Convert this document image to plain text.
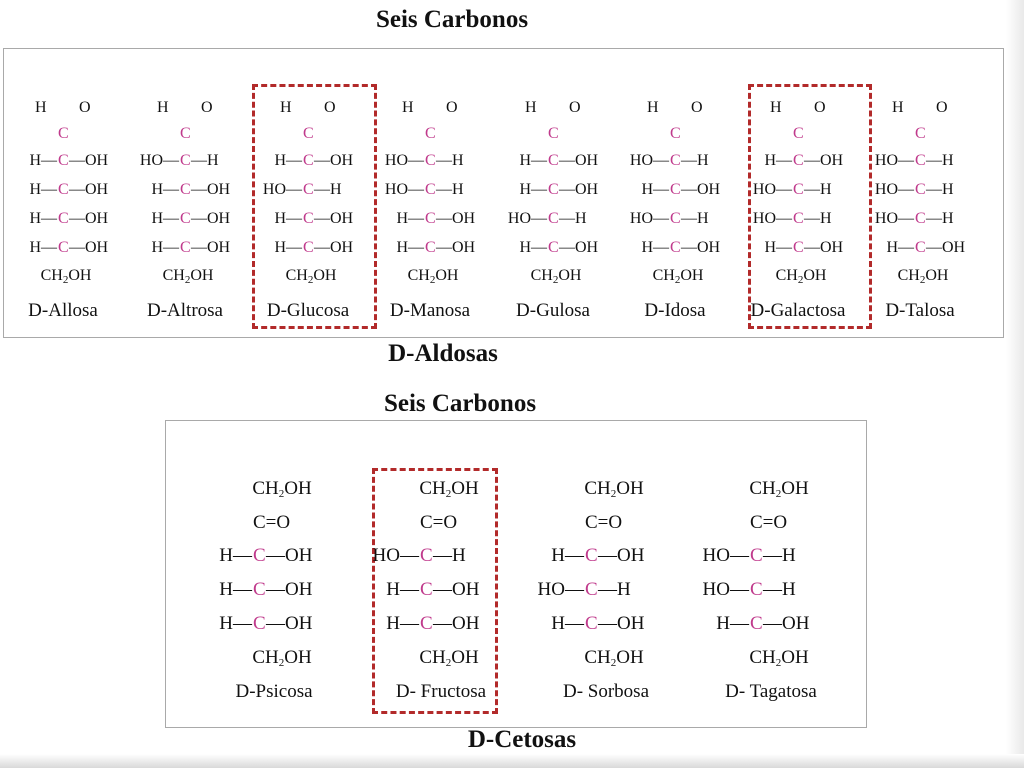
Seis Carbonos
D-Aldosas
H O
C
H— C —OH
H— C —OH
H— C —OH
H— C —OH
$CH_2OH$
D-Allosa
H O
C
HO— C —H
H— C —OH
H— C —OH
H— C —OH
$CH_2OH$
D-Altrosa
H O
C
H— C —OH
HO— C —H
H— C —OH
H— C —OH
$CH_2OH$
D-Glucosa
H O
C
HO— C —H
HO— C —H
H— C —OH
H— C —OH
$CH_2OH$
D-Manosa
H O
C
H— C —OH
H— C —OH
HO— C —H
H— C —OH
$CH_2OH$
D-Gulosa
H O
C
HO— C —H
H— C —OH
HO— C —H
H— C —OH
$CH_2OH$
D-Idosa
H O
C
H— C —OH
HO— C —H
HO— C —H
H— C —OH
$CH_2OH$
D-Galactosa
H O
C
HO— C —H
HO— C —H
HO— C —H
H— C —OH
$CH_2OH$
D-Talosa
Seis Carbonos
D-Cetosas
$CH_2OH$
C=O
H— C —OH
H— C —OH
H— C —OH
$CH_2OH$
D-Psicosa
$CH_2OH$
C=O
HO— C —H
H— C —OH
H— C —OH
$CH_2OH$
D- Fructosa
$CH_2OH$
C=O
H— C —OH
HO— C —H
H— C —OH
$CH_2OH$
D- Sorbosa
$CH_2OH$
C=O
HO— C —H
HO— C —H
H— C —OH
$CH_2OH$
D- Tagatosa
